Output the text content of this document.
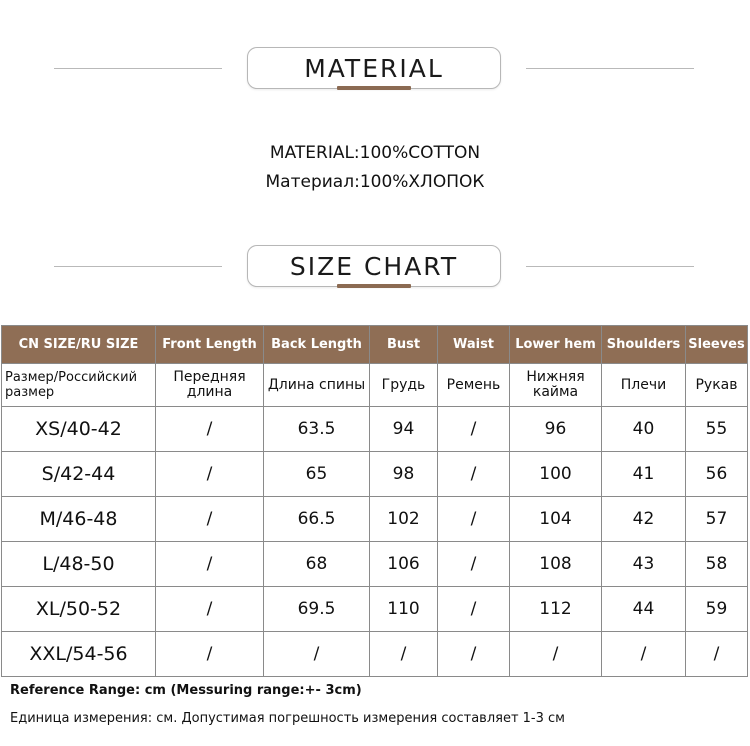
MATERIAL
MATERIAL:100%COTTON
Материал:100%ХЛОПОК
SIZE CHART
CN SIZE/RU SIZE	Front Length	Back Length	Bust	Waist	Lower hem	Shoulders	Sleeves
Размер/Российский размер	Передняя длина	Длина спины	Грудь	Ремень	Нижняя кайма	Плечи	Рукав
XS/40-42	/	63.5	94	/	96	40	55
S/42-44	/	65	98	/	100	41	56
M/46-48	/	66.5	102	/	104	42	57
L/48-50	/	68	106	/	108	43	58
XL/50-52	/	69.5	110	/	112	44	59
XXL/54-56	/	/	/	/	/	/	/
Reference Range: cm (Messuring range:+- 3cm)
Единица измерения: см. Допустимая погрешность измерения составляет 1-3 см
